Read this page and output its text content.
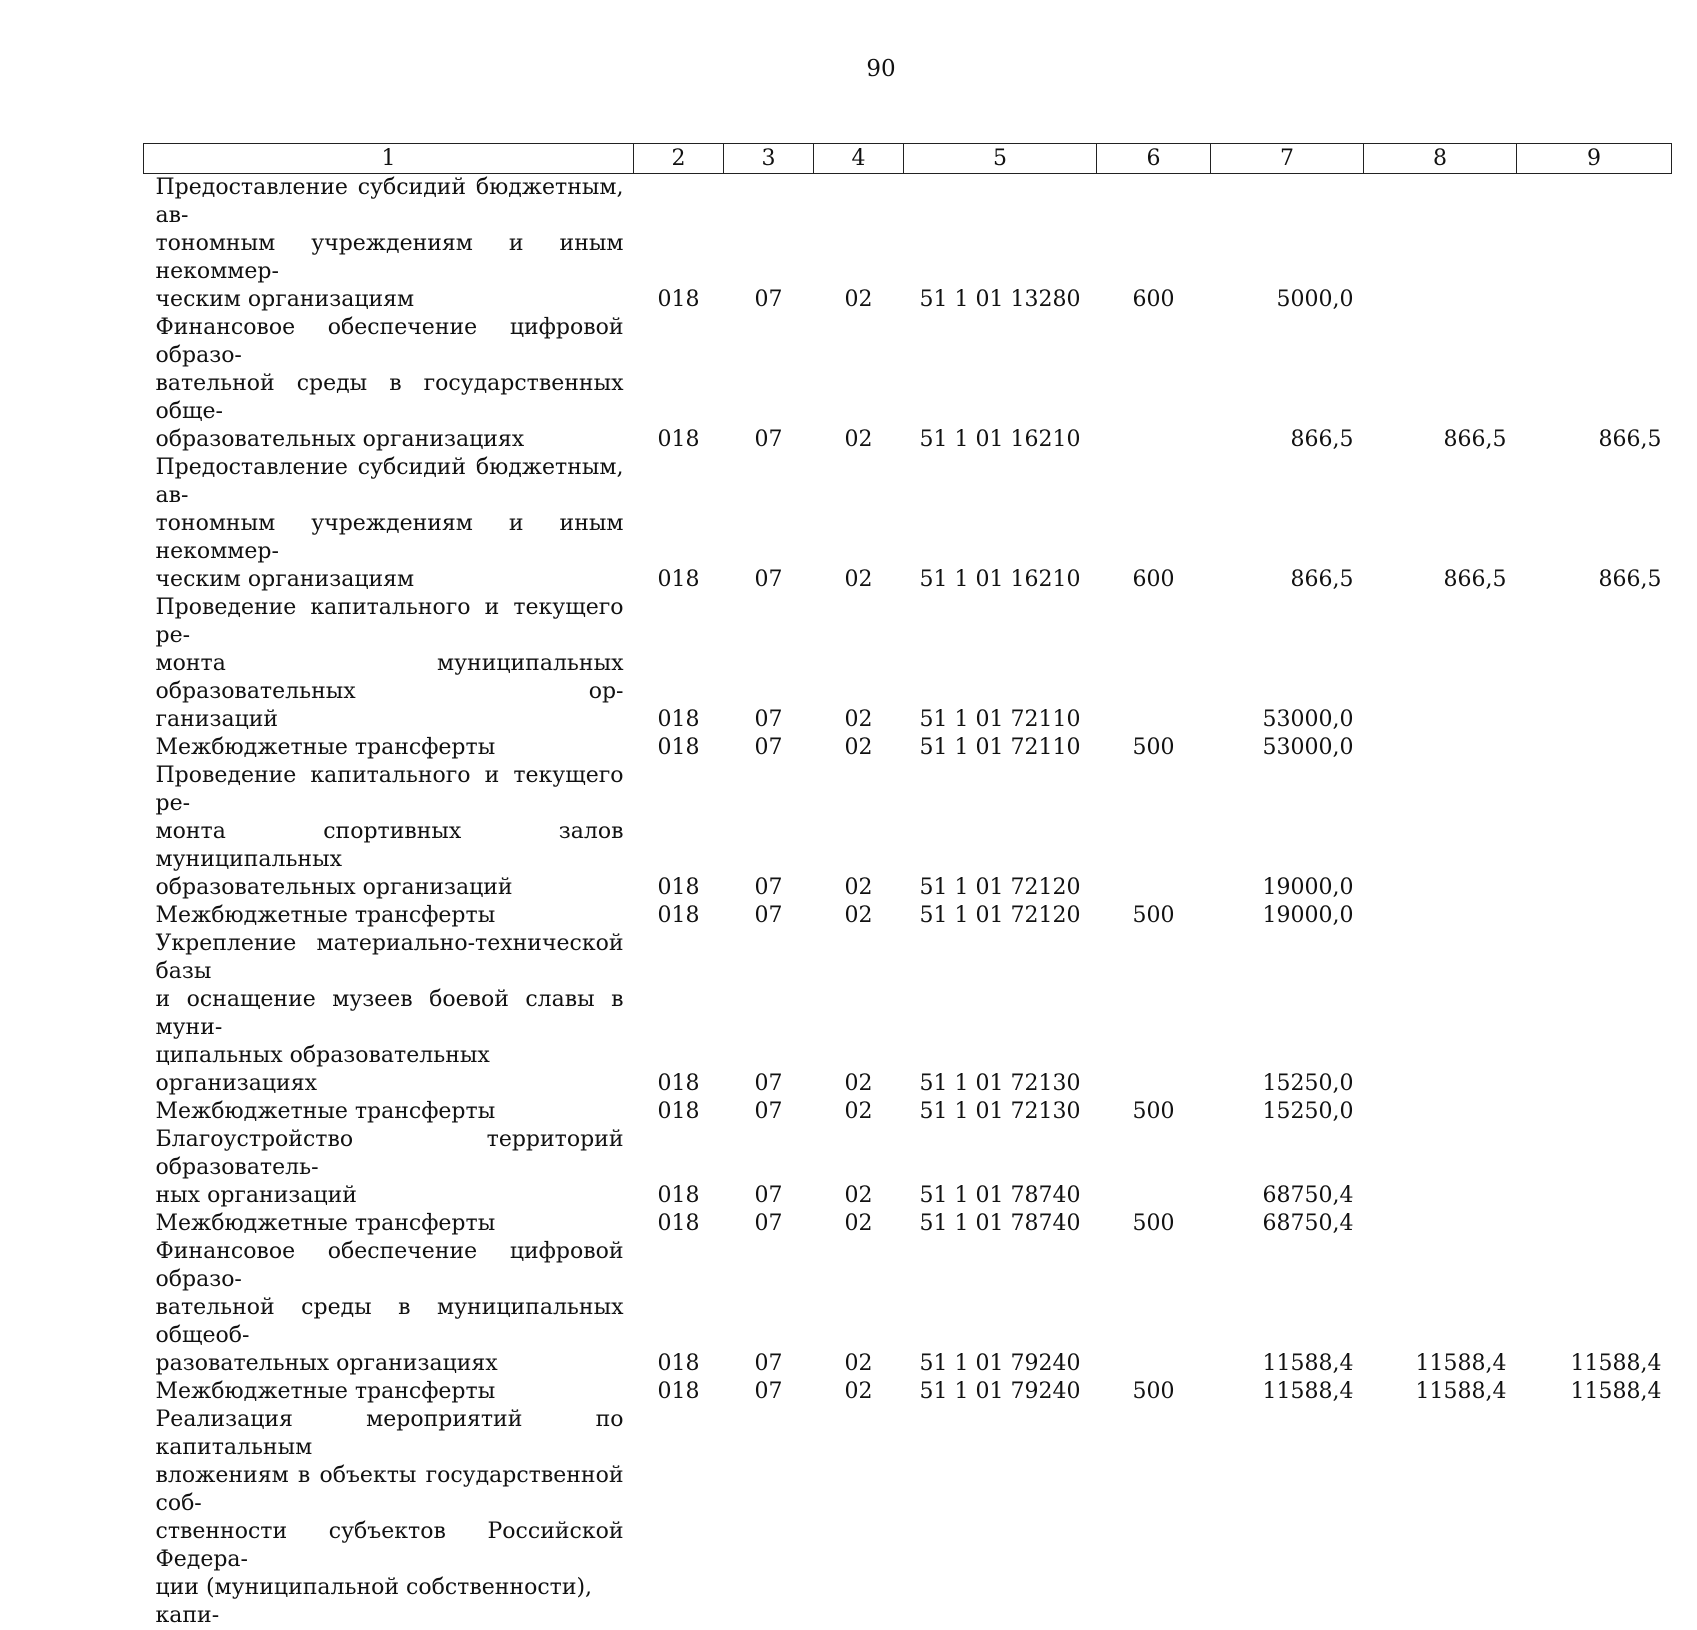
90
1	2	3	4	5	6	7	8	9

Предоставление субсидий бюджетным, ав-
тономным учреждениям и иным некоммер-
ческим организациям	018	07	02	51 1 01 13280	600	5000,0		

Финансовое обеспечение цифровой образо-
вательной среды в государственных обще-
образовательных организациях	018	07	02	51 1 01 16210		866,5	866,5	866,5

Предоставление субсидий бюджетным, ав-
тономным учреждениям и иным некоммер-
ческим организациям	018	07	02	51 1 01 16210	600	866,5	866,5	866,5

Проведение капитального и текущего ре-
монта муниципальных образовательных ор-
ганизаций	018	07	02	51 1 01 72110		53000,0		

Межбюджетные трансферты	018	07	02	51 1 01 72110	500	53000,0		

Проведение капитального и текущего ре-
монта спортивных залов муниципальных
образовательных организаций	018	07	02	51 1 01 72120		19000,0		

Межбюджетные трансферты	018	07	02	51 1 01 72120	500	19000,0		

Укрепление материально-технической базы
и оснащение музеев боевой славы в муни-
ципальных образовательных организациях	018	07	02	51 1 01 72130		15250,0		

Межбюджетные трансферты	018	07	02	51 1 01 72130	500	15250,0		

Благоустройство территорий образователь-
ных организаций	018	07	02	51 1 01 78740		68750,4		

Межбюджетные трансферты	018	07	02	51 1 01 78740	500	68750,4		

Финансовое обеспечение цифровой образо-
вательной среды в муниципальных общеоб-
разовательных организациях	018	07	02	51 1 01 79240		11588,4	11588,4	11588,4

Межбюджетные трансферты	018	07	02	51 1 01 79240	500	11588,4	11588,4	11588,4

Реализация мероприятий по капитальным
вложениям в объекты государственной соб-
ственности субъектов Российской Федера-
ции (муниципальной собственности), капи-								
